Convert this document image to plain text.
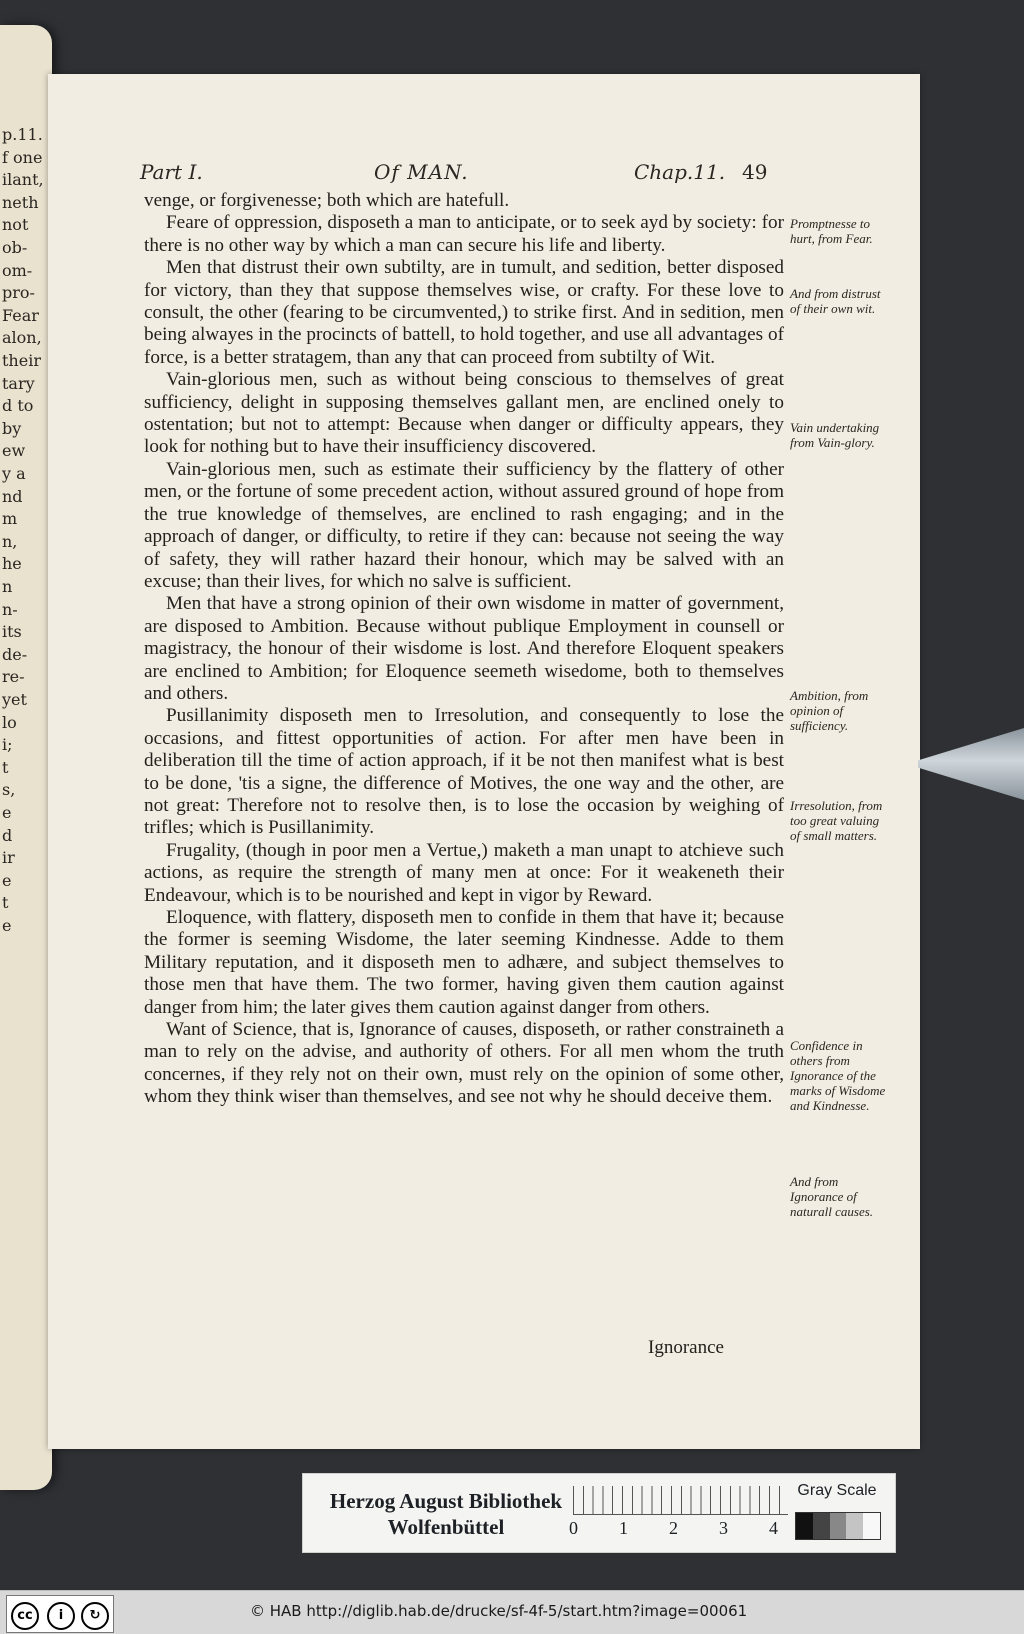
p.11.
f one
ilant,
neth
not
ob-
om-
pro-
Fear
alon,
their
tary
d to
by
ew
y a
nd
m
n,
he
n
n-
its
de-
re-
yet
lo
i;
t
s,
e
d
ir
e
t
e
Part I.	Of MAN.	Chap.11. 49

venge, or forgivenesse; both which are hatefull.

Feare of oppression, disposeth a man to anticipate, or to seek ayd by society: for there is no other way by which a man can secure his life and liberty.

Men that distrust their own subtilty, are in tumult, and sedition, better disposed for victory, than they that suppose themselves wise, or crafty. For these love to consult, the other (fearing to be circumvented,) to strike first. And in sedition, men being alwayes in the procincts of battell, to hold together, and use all advantages of force, is a better stratagem, than any that can proceed from subtilty of Wit.

Vain-glorious men, such as without being conscious to themselves of great sufficiency, delight in supposing themselves gallant men, are enclined onely to ostentation; but not to attempt: Because when danger or difficulty appears, they look for nothing but to have their insufficiency discovered.

Vain-glorious men, such as estimate their sufficiency by the flattery of other men, or the fortune of some precedent action, without assured ground of hope from the true knowledge of themselves, are enclined to rash engaging; and in the approach of danger, or difficulty, to retire if they can: because not seeing the way of safety, they will rather hazard their honour, which may be salved with an excuse; than their lives, for which no salve is sufficient.

Men that have a strong opinion of their own wisdome in matter of government, are disposed to Ambition. Because without publique Employment in counsell or magistracy, the honour of their wisdome is lost. And therefore Eloquent speakers are enclined to Ambition; for Eloquence seemeth wisedome, both to themselves and others.

Pusillanimity disposeth men to Irresolution, and consequently to lose the occasions, and fittest opportunities of action. For after men have been in deliberation till the time of action approach, if it be not then manifest what is best to be done, 'tis a signe, the difference of Motives, the one way and the other, are not great: Therefore not to resolve then, is to lose the occasion by weighing of trifles; which is Pusillanimity.

Frugality, (though in poor men a Vertue,) maketh a man unapt to atchieve such actions, as require the strength of many men at once: For it weakeneth their Endeavour, which is to be nourished and kept in vigor by Reward.

Eloquence, with flattery, disposeth men to confide in them that have it; because the former is seeming Wisdome, the later seeming Kindnesse. Adde to them Military reputation, and it disposeth men to adhære, and subject themselves to those men that have them. The two former, having given them caution against danger from him; the later gives them caution against danger from others.

Want of Science, that is, Ignorance of causes, disposeth, or rather constraineth a man to rely on the advise, and authority of others. For all men whom the truth concernes, if they rely not on their own, must rely on the opinion of some other, whom they think wiser than themselves, and see not why he should deceive them.

Promptnesse to hurt, from Fear.
And from distrust of their own wit.
Vain undertaking from Vain-glory.
Ambition, from opinion of sufficiency.
Irresolution, from too great valuing of small matters.
Confidence in others from Ignorance of the marks of Wisdome and Kindnesse.
And from Ignorance of naturall causes.
Ignorance
Herzog August Bibliothek
Wolfenbüttel	0 1 2 3 4
Gray Scale
cc	i	↻	© HAB http://diglib.hab.de/drucke/sf-4f-5/start.htm?image=00061
